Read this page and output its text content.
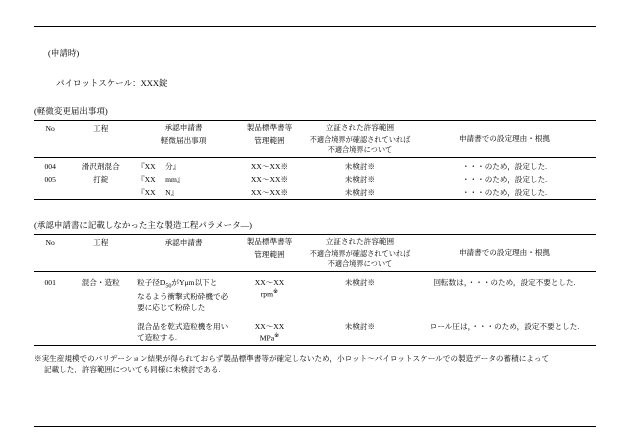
(申請時)
パイロットスケール：XXX錠
(軽微変更届出事項)
No	工程	承認申請書	製品標準書等	立証された許容範囲	申請書での設定理由・根拠
		軽微届出事項	管理範囲	不適合境界が確認されていれば不適合境界について	
004	滑沢剤混合	『XX 　分』	XX～XX※	未検討※	・・・のため，設定した.
005	打錠	『XX 　mm』	XX～XX※	未検討※	・・・のため，設定した.
		『XX 　N』	XX～XX※	未検討※	・・・のため，設定した.
(承認申請書に記載しなかった主な製造工程パラメータ―)
No	工程	承認申請書	製品標準書等	立証された許容範囲	申請書での設定理由・根拠
			管理範囲	不適合境界が確認されていれば不適合境界について	
001	混合・造粒	粒子径$D_{50}$がYμm以下と
なるよう衝撃式粉砕機で必
要に応じて粉砕した	XX～XX
rpm※	未検討※	回転数は，・・・のため，設定不要とした.

		混合品を乾式造粒機を用い
て造粒する.	XX～XX
MPa※	未検討※	ロール圧は，・・・のため，設定不要とした.
※実生産規模でのバリデーション結果が得られておらず製品標準書等が確定しないため，小ロット～パイロットスケールでの製造データの蓄積によって
記載した．許容範囲についても同様に未検討である.
